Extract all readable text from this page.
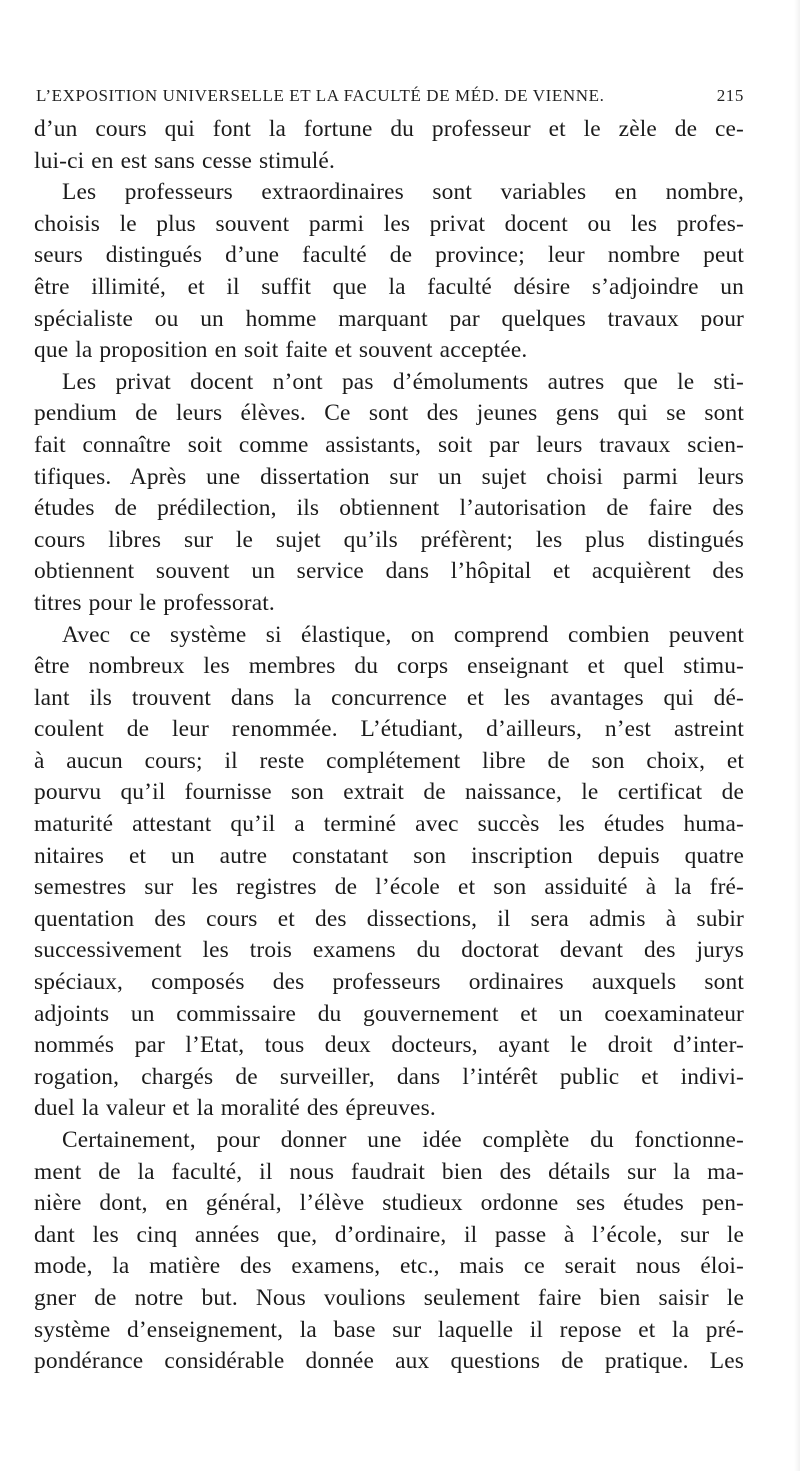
L’EXPOSITION UNIVERSELLE ET LA FACULTÉ DE MÉD. DE VIENNE.	215
d’un cours qui font la fortune du professeur et le zèle de ce-
lui-ci en est sans cesse stimulé.
Les professeurs extraordinaires sont variables en nombre,
choisis le plus souvent parmi les privat docent ou les profes-
seurs distingués d’une faculté de province; leur nombre peut
être illimité, et il suffit que la faculté désire s’adjoindre un
spécialiste ou un homme marquant par quelques travaux pour
que la proposition en soit faite et souvent acceptée.
Les privat docent n’ont pas d’émoluments autres que le sti-
pendium de leurs élèves. Ce sont des jeunes gens qui se sont
fait connaître soit comme assistants, soit par leurs travaux scien-
tifiques. Après une dissertation sur un sujet choisi parmi leurs
études de prédilection, ils obtiennent l’autorisation de faire des
cours libres sur le sujet qu’ils préfèrent; les plus distingués
obtiennent souvent un service dans l’hôpital et acquièrent des
titres pour le professorat.
Avec ce système si élastique, on comprend combien peuvent
être nombreux les membres du corps enseignant et quel stimu-
lant ils trouvent dans la concurrence et les avantages qui dé-
coulent de leur renommée. L’étudiant, d’ailleurs, n’est astreint
à aucun cours; il reste complétement libre de son choix, et
pourvu qu’il fournisse son extrait de naissance, le certificat de
maturité attestant qu’il a terminé avec succès les études huma-
nitaires et un autre constatant son inscription depuis quatre
semestres sur les registres de l’école et son assiduité à la fré-
quentation des cours et des dissections, il sera admis à subir
successivement les trois examens du doctorat devant des jurys
spéciaux, composés des professeurs ordinaires auxquels sont
adjoints un commissaire du gouvernement et un coexaminateur
nommés par l’Etat, tous deux docteurs, ayant le droit d’inter-
rogation, chargés de surveiller, dans l’intérêt public et indivi-
duel la valeur et la moralité des épreuves.
Certainement, pour donner une idée complète du fonctionne-
ment de la faculté, il nous faudrait bien des détails sur la ma-
nière dont, en général, l’élève studieux ordonne ses études pen-
dant les cinq années que, d’ordinaire, il passe à l’école, sur le
mode, la matière des examens, etc., mais ce serait nous éloi-
gner de notre but. Nous voulions seulement faire bien saisir le
système d’enseignement, la base sur laquelle il repose et la pré-
pondérance considérable donnée aux questions de pratique. Les
